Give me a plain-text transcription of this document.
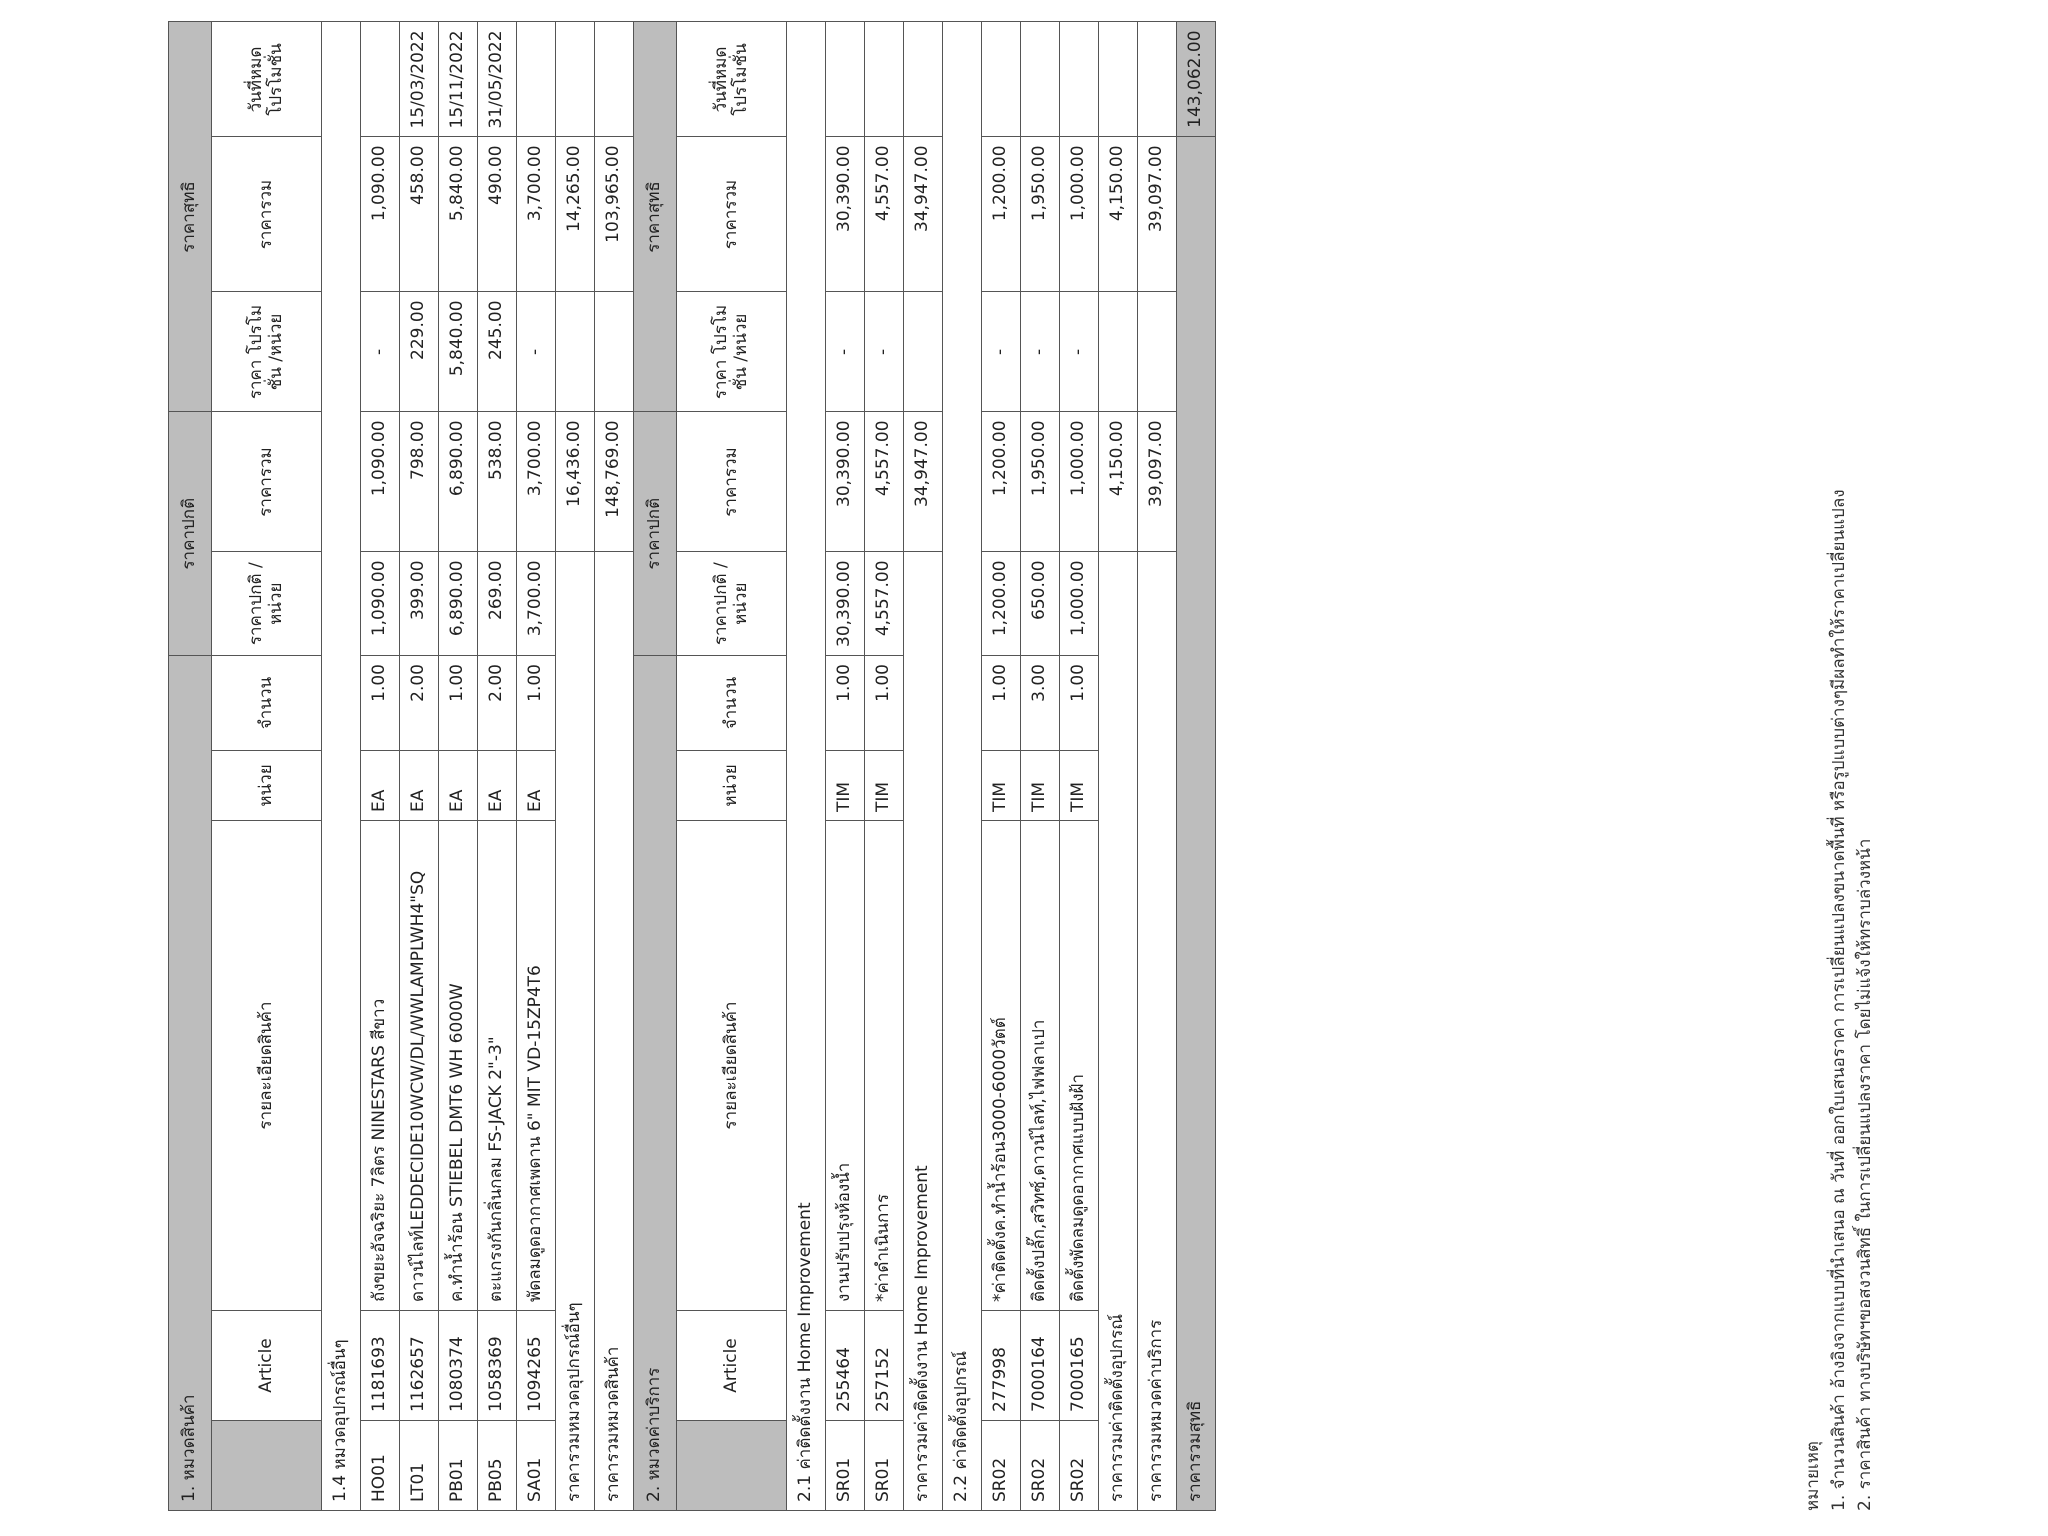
1. หมวดสินค้า					ราคาปกติ		ราคาสุทธิ		
	Article	รายละเอียดสินค้า	หน่วย	จำนวน	ราคาปกติ /หน่วย	ราคารวม	ราคา โปรโมชั่น /หน่วย	ราคารวม	วันที่หมด โปรโมชั่น
1.4 หมวดอุปกรณ์อื่นๆ									
HO01	1181693	ถังขยะอัจฉริยะ 7ลิตร NINESTARS สีขาว	EA	1.00	1,090.00	1,090.00	-	1,090.00	
LT01	1162657	ดาวน์ไลท์LEDDECIDE10WCW/DL/WWLAMPLWH4"SQ	EA	2.00	399.00	798.00	229.00	458.00	15/03/2022
PB01	1080374	ค.ทำน้ำร้อน STIEBEL DMT6 WH 6000W	EA	1.00	6,890.00	6,890.00	5,840.00	5,840.00	15/11/2022
PB05	1058369	ตะแกรงกันกลิ่นกลม FS-JACK 2"-3"	EA	2.00	269.00	538.00	245.00	490.00	31/05/2022
SA01	1094265	พัดลมดูดอากาศเพดาน 6" MIT VD-15ZP4T6	EA	1.00	3,700.00	3,700.00	-	3,700.00	
ราคารวมหมวดอุปกรณ์อื่นๆ						16,436.00		14,265.00	
ราคารวมหมวดสินค้า						148,769.00		103,965.00	
2. หมวดค่าบริการ					ราคาปกติ		ราคาสุทธิ		
	Article	รายละเอียดสินค้า	หน่วย	จำนวน	ราคาปกติ /หน่วย	ราคารวม	ราคา โปรโมชั่น /หน่วย	ราคารวม	วันที่หมด โปรโมชั่น
2.1 ค่าติดตั้งงาน Home Improvement									
SR01	255464	งานปรับปรุงห้องน้ำ	TIM	1.00	30,390.00	30,390.00	-	30,390.00	
SR01	257152	*ค่าดำเนินการ	TIM	1.00	4,557.00	4,557.00	-	4,557.00	
ราคารวมค่าติดตั้งงาน Home Improvement						34,947.00		34,947.00	
2.2 ค่าติดตั้งอุปกรณ์									
SR02	277998	*ค่าติดตั้งค.ทำน้ำร้อน3000-6000วัตต์	TIM	1.00	1,200.00	1,200.00	-	1,200.00	
SR02	7000164	ติดตั้งปลั๊ก,สวิทซ์,ดาวน์ไลท์,ไฟฟลาเปา	TIM	3.00	650.00	1,950.00	-	1,950.00	
SR02	7000165	ติดตั้งพัดลมดูดอากาศแบบฝังฝ้า	TIM	1.00	1,000.00	1,000.00	-	1,000.00	
ราคารวมค่าติดตั้งอุปกรณ์						4,150.00		4,150.00	
ราคารวมหมวดค่าบริการ						39,097.00		39,097.00	
ราคารวมสุทธิ									143,062.00
หมายเหตุ 1. จำนวนสินค้า อ้างอิงจากแบบที่นำเสนอ ณ วันที่ ออกใบเสนอราคา การเปลี่ยนแปลงขนาดพื้นที่ หรือรูปแบบต่างๆมีผลทำให้ราคาเปลี่ยนแปลง 2. ราคาสินค้า ทางบริษัทฯขอสงวนสิทธิ์ ในการเปลี่ยนแปลงราคา โดยไม่แจ้งให้ทราบล่วงหน้า
